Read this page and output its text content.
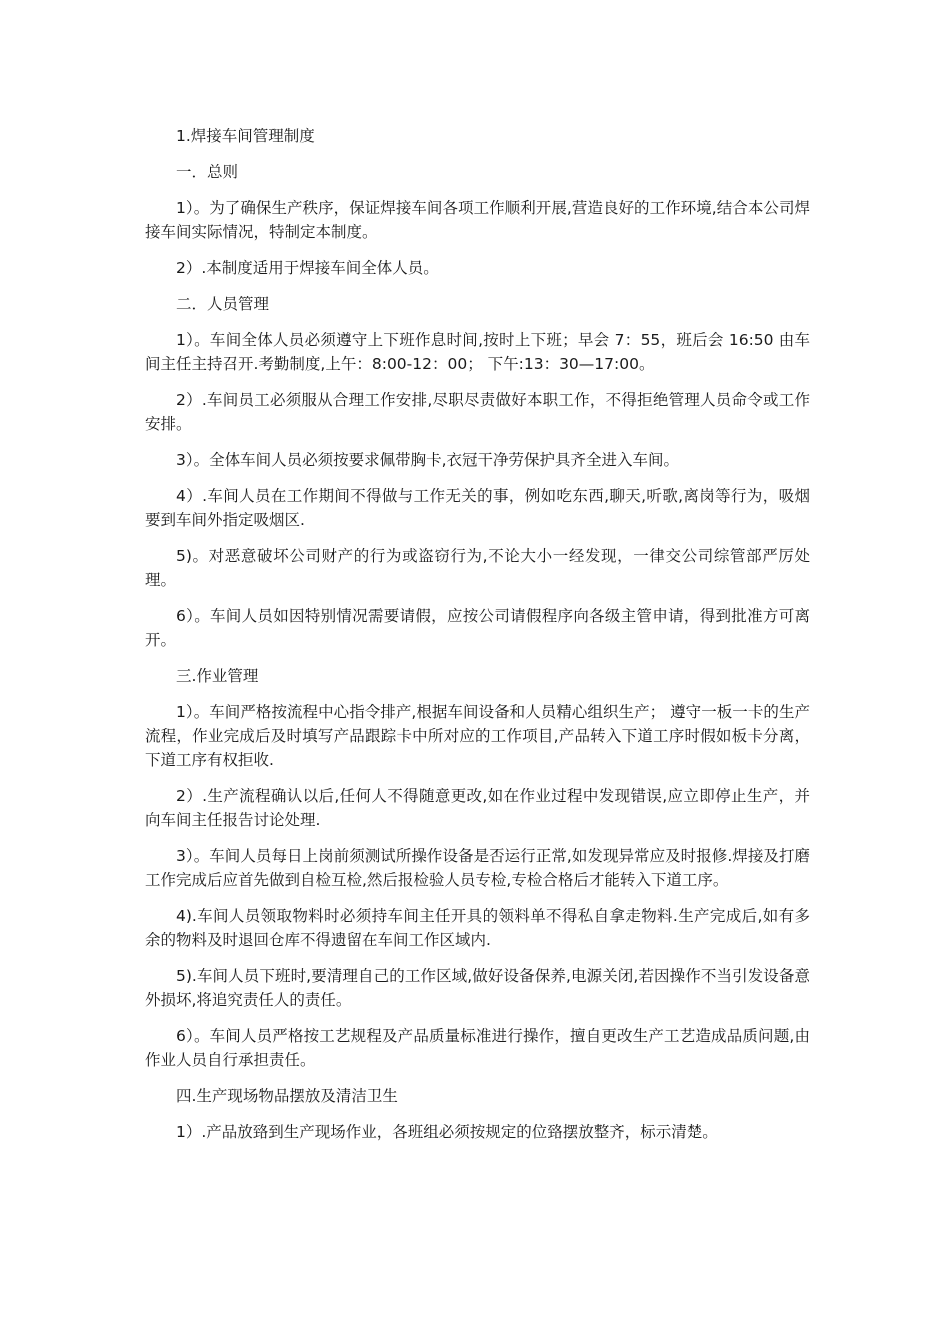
1.焊接车间管理制度

一．总则

1）。为了确保生产秩序，保证焊接车间各项工作顺利开展,营造良好的工作环境,结合本公司焊接车间实际情况，特制定本制度。

2）.本制度适用于焊接车间全体人员。

二．人员管理

1）。车间全体人员必须遵守上下班作息时间,按时上下班；早会 7：55，班后会 16:50 由车间主任主持召开.考勤制度,上午：8:00-12：00； 下午:13：30—17:00。

2）.车间员工必须服从合理工作安排,尽职尽责做好本职工作，不得拒绝管理人员命令或工作安排。

3）。全体车间人员必须按要求佩带胸卡,衣冠干净劳保护具齐全进入车间。

4）.车间人员在工作期间不得做与工作无关的事，例如吃东西,聊天,听歌,离岗等行为，吸烟要到车间外指定吸烟区.

5)。对恶意破坏公司财产的行为或盗窃行为,不论大小一经发现，一律交公司综管部严厉处理。

6）。车间人员如因特别情况需要请假，应按公司请假程序向各级主管申请，得到批准方可离开。

三.作业管理

1）。车间严格按流程中心指令排产,根据车间设备和人员精心组织生产； 遵守一板一卡的生产流程，作业完成后及时填写产品跟踪卡中所对应的工作项目,产品转入下道工序时假如板卡分离，下道工序有权拒收.

2）.生产流程确认以后,任何人不得随意更改,如在作业过程中发现错误,应立即停止生产，并向车间主任报告讨论处理.

3）。车间人员每日上岗前须测试所操作设备是否运行正常,如发现异常应及时报修.焊接及打磨工作完成后应首先做到自检互检,然后报检验人员专检,专检合格后才能转入下道工序。

4).车间人员领取物料时必须持车间主任开具的领料单不得私自拿走物料.生产完成后,如有多余的物料及时退回仓库不得遗留在车间工作区域内.

5).车间人员下班时,要清理自己的工作区域,做好设备保养,电源关闭,若因操作不当引发设备意外损坏,将追究责任人的责任。

6）。车间人员严格按工艺规程及产品质量标准进行操作，擅自更改生产工艺造成品质问题,由作业人员自行承担责任。

四.生产现场物品摆放及清洁卫生

1）.产品放臵到生产现场作业，各班组必须按规定的位臵摆放整齐，标示清楚。
